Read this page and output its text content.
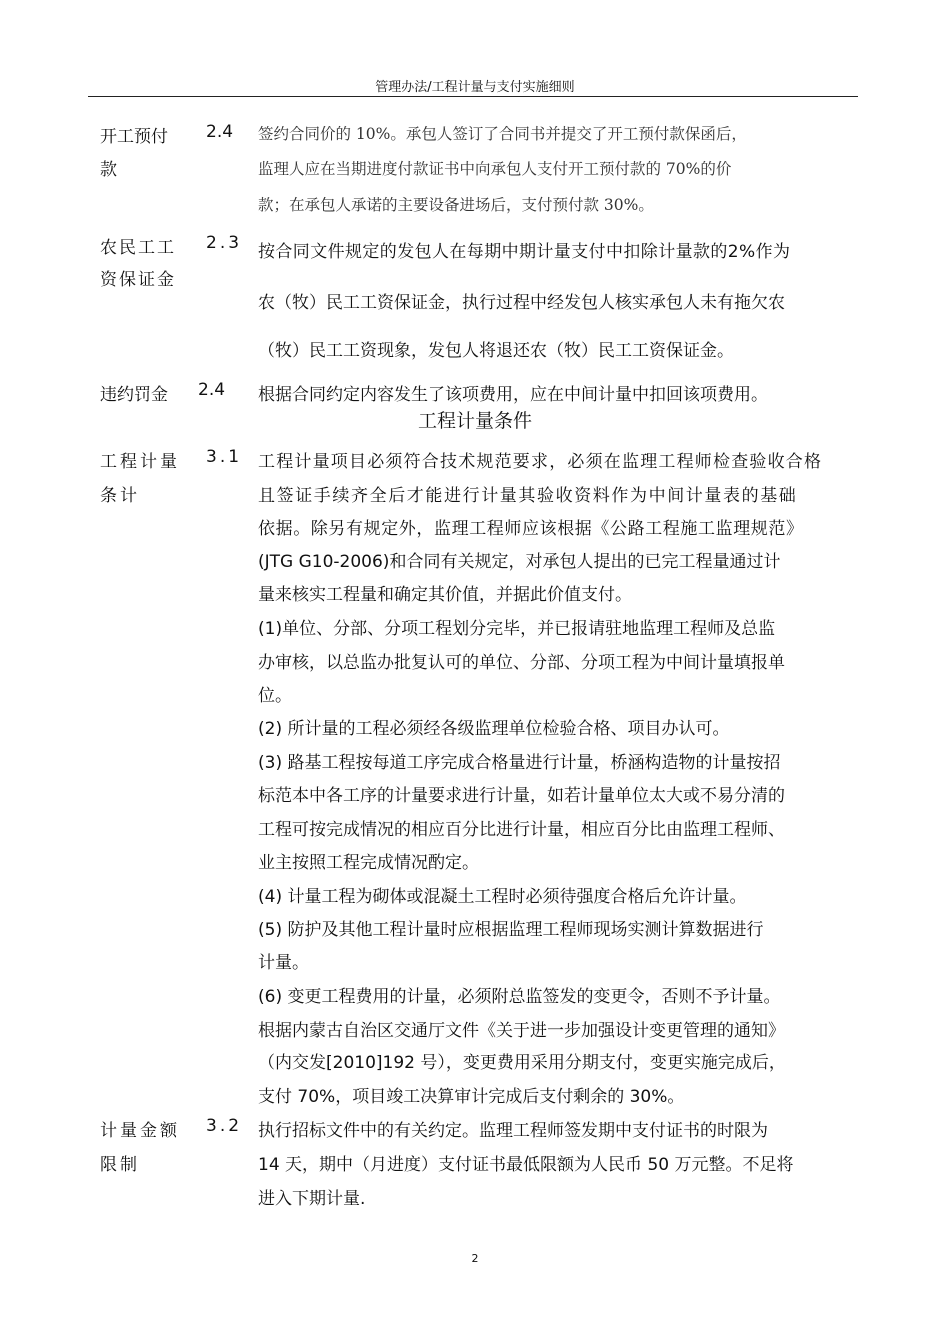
管理办法/工程计量与支付实施细则
开工预付
款
2.4 签约合同价的 10%。承包人签订了合同书并提交了开工预付款保函后，
监理人应在当期进度付款证书中向承包人支付开工预付款的 70%的价
款；在承包人承诺的主要设备进场后，支付预付款 30%。
农民工工
资保证金
2.3 按合同文件规定的发包人在每期中期计量支付中扣除计量款的2%作为
农（牧）民工工资保证金，执行过程中经发包人核实承包人未有拖欠农
（牧）民工工资现象，发包人将退还农（牧）民工工资保证金。
违约罚金 2.4 根据合同约定内容发生了该项费用，应在中间计量中扣回该项费用。
工程计量条件
工程计量
条计
3.1 工程计量项目必须符合技术规范要求，必须在监理工程师检查验收合格
且签证手续齐全后才能进行计量其验收资料作为中间计量表的基础
依据。除另有规定外，监理工程师应该根据《公路工程施工监理规范》
(JTG G10-2006)和合同有关规定，对承包人提出的已完工程量通过计
量来核实工程量和确定其价值，并据此价值支付。
(1)单位、分部、分项工程划分完毕，并已报请驻地监理工程师及总监
办审核，以总监办批复认可的单位、分部、分项工程为中间计量填报单
位。
(2) 所计量的工程必须经各级监理单位检验合格、项目办认可。
(3) 路基工程按每道工序完成合格量进行计量，桥涵构造物的计量按招
标范本中各工序的计量要求进行计量，如若计量单位太大或不易分清的
工程可按完成情况的相应百分比进行计量，相应百分比由监理工程师、
业主按照工程完成情况酌定。
(4) 计量工程为砌体或混凝土工程时必须待强度合格后允许计量。
(5) 防护及其他工程计量时应根据监理工程师现场实测计算数据进行
计量。
(6) 变更工程费用的计量，必须附总监签发的变更令，否则不予计量。
根据内蒙古自治区交通厅文件《关于进一步加强设计变更管理的通知》
（内交发[2010]192 号），变更费用采用分期支付，变更实施完成后，
支付 70%，项目竣工决算审计完成后支付剩余的 30%。
计量金额
限制
3.2 执行招标文件中的有关约定。监理工程师签发期中支付证书的时限为
14 天，期中（月进度）支付证书最低限额为人民币 50 万元整。不足将
进入下期计量.
2
